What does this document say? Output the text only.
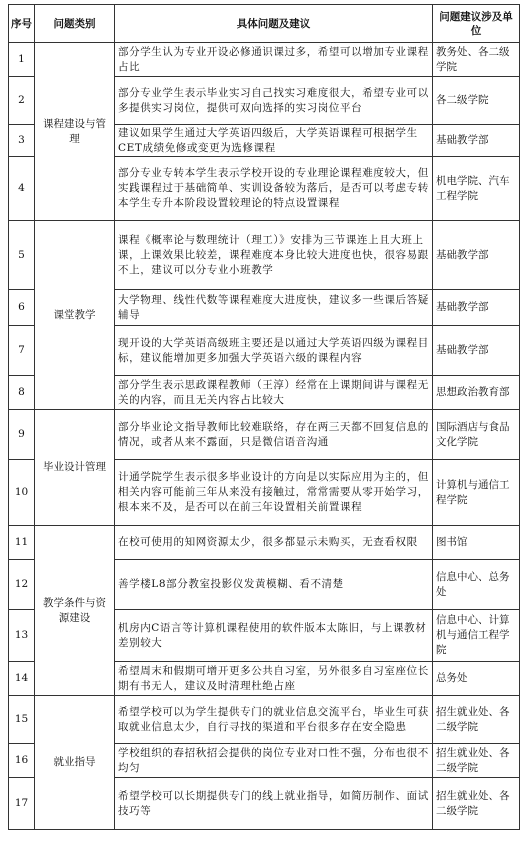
序号	问题类别	具体问题及建议	问题建议涉及单位
1	课程建设与管理	部分学生认为专业开设必修通识课过多，希望可以增加专业课程占比	教务处、各二级学院
2		部分专业学生表示毕业实习自己找实习难度很大，希望专业可以多提供实习岗位，提供可双向选择的实习岗位平台	各二级学院
3		建议如果学生通过大学英语四级后，大学英语课程可根据学生CET成绩免修或变更为选修课程	基础教学部
4		部分专业专转本学生表示学校开设的专业理论课程难度较大，但实践课程过于基础简单、实训设备较为落后，是否可以考虑专转本学生专升本阶段设置较理论的特点设置课程	机电学院、汽车工程学院
5	课堂教学	课程《概率论与数理统计（理工）》安排为三节课连上且大班上课，上课效果比较差，课程难度本身比较大进度也快，很容易跟不上，建议可以分专业小班教学	基础教学部
6		大学物理、线性代数等课程难度大进度快，建议多一些课后答疑辅导	基础教学部
7		现开设的大学英语高级班主要还是以通过大学英语四级为课程目标，建议能增加更多加强大学英语六级的课程内容	基础教学部
8		部分学生表示思政课程教师（王淳）经常在上课期间讲与课程无关的内容，而且无关内容占比较大	思想政治教育部
9	毕业设计管理	部分毕业论文指导教师比较难联络，存在两三天都不回复信息的情况，或者从来不露面，只是微信语音沟通	国际酒店与食品文化学院
10		计通学院学生表示很多毕业设计的方向是以实际应用为主的，但相关内容可能前三年从来没有接触过，常常需要从零开始学习，根本来不及，是否可以在前三年设置相关前置课程	计算机与通信工程学院
11	教学条件与资源建设	在校可使用的知网资源太少，很多都显示未购买，无查看权限	图书馆
12		善学楼L8部分教室投影仪发黄模糊、看不清楚	信息中心、总务处
13		机房内C语言等计算机课程使用的软件版本太陈旧，与上课教材差别较大	信息中心、计算机与通信工程学院
14		希望周末和假期可增开更多公共自习室，另外很多自习室座位长期有书无人，建议及时清理杜绝占座	总务处
15	就业指导	希望学校可以为学生提供专门的就业信息交流平台，毕业生可获取就业信息太少，自行寻找的渠道和平台很多存在安全隐患	招生就业处、各二级学院
16		学校组织的春招秋招会提供的岗位专业对口性不强，分布也很不均匀	招生就业处、各二级学院
17		希望学校可以长期提供专门的线上就业指导，如简历制作、面试技巧等	招生就业处、各二级学院
